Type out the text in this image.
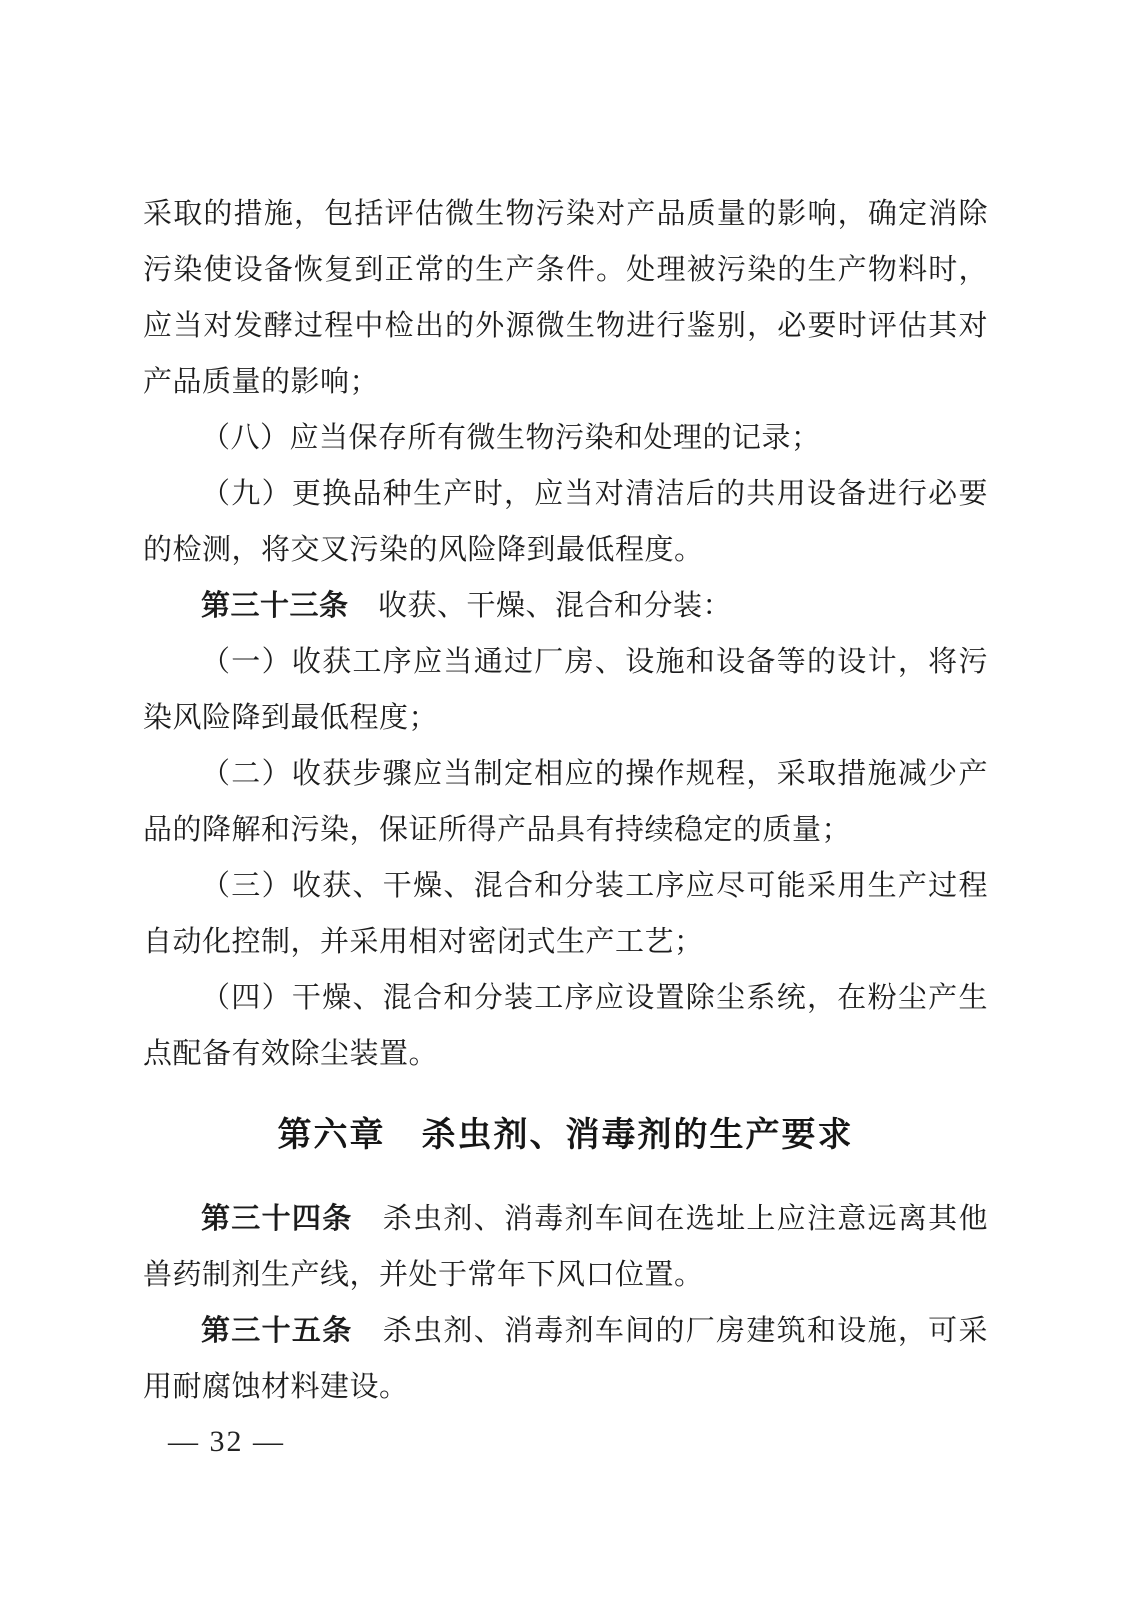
采取的措施，包括评估微生物污染对产品质量的影响，确定消除污染使设备恢复到正常的生产条件。处理被污染的生产物料时，应当对发酵过程中检出的外源微生物进行鉴别，必要时评估其对产品质量的影响；

（八）应当保存所有微生物污染和处理的记录；

（九）更换品种生产时，应当对清洁后的共用设备进行必要的检测，将交叉污染的风险降到最低程度。

第三十三条　收获、干燥、混合和分装：

（一）收获工序应当通过厂房、设施和设备等的设计，将污染风险降到最低程度；

（二）收获步骤应当制定相应的操作规程，采取措施减少产品的降解和污染，保证所得产品具有持续稳定的质量；

（三）收获、干燥、混合和分装工序应尽可能采用生产过程自动化控制，并采用相对密闭式生产工艺；

（四）干燥、混合和分装工序应设置除尘系统，在粉尘产生点配备有效除尘装置。

第六章　杀虫剂、消毒剂的生产要求

第三十四条　杀虫剂、消毒剂车间在选址上应注意远离其他兽药制剂生产线，并处于常年下风口位置。

第三十五条　杀虫剂、消毒剂车间的厂房建筑和设施，可采用耐腐蚀材料建设。

— 32 —
